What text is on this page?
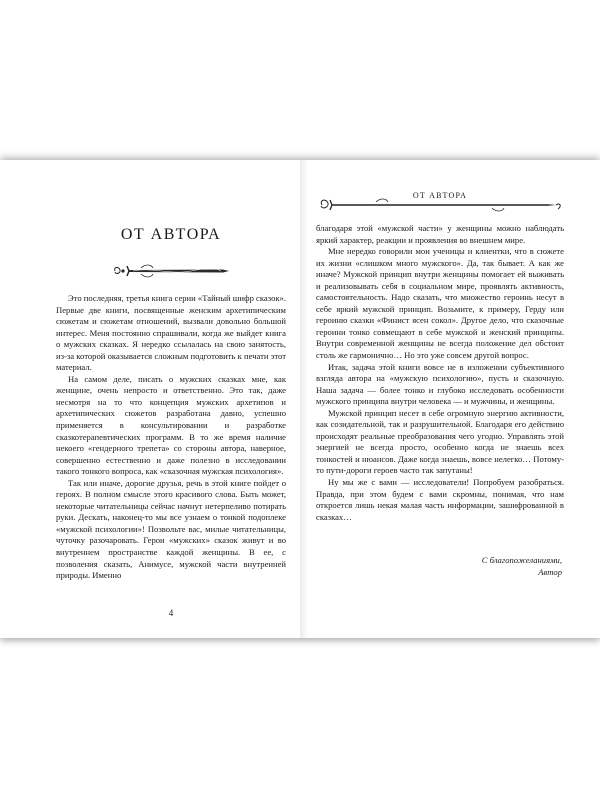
ОТ АВТОРА

Это последняя, третья книга серии «Тайный шифр сказок». Первые две книги, посвященные женским архетипическим сюжетам и сюжетам отношений, вызвали довольно большой интерес. Меня постоянно спрашивали, когда же выйдет книга о мужских сказках. Я нередко ссылалась на свою занятость, из-за которой оказывается сложным подготовить к печати этот материал.

На самом деле, писать о мужских сказках мне, как женщине, очень непросто и ответственно. Это так, даже несмотря на то что концепция мужских архетипов и архетипических сюжетов разработана давно, успешно применяется в консультировании и разработке сказкотерапевтических программ. В то же время наличие некоего «гендерного трепета» со стороны автора, наверное, совершенно естественно и даже полезно в исследовании такого тонкого вопроса, как «сказочная мужская психология».

Так или иначе, дорогие друзья, речь в этой книге пойдет о героях. В полном смысле этого красивого слова. Быть может, некоторые читательницы сейчас начнут нетерпеливо потирать руки. Дескать, наконец-то мы все узнаем о тонкой подоплеке «мужской психологии»! Позвольте вас, милые читательницы, чуточку разочаровать. Герои «мужских» сказок живут и во внутреннем пространстве каждой женщины. В ее, с позволения сказать, Анимусе, мужской части внутренней природы. Именно

4
ОТ АВТОРА

благодаря этой «мужской части» у женщины можно наблюдать яркий характер, реакции и проявления во внешнем мире.

Мне нередко говорили мои ученицы и клиентки, что в сюжете их жизни «слишком много мужского». Да, так бывает. А как же иначе? Мужской принцип внутри женщины помогает ей выживать и реализовывать себя в социальном мире, проявлять активность, самостоятельность. Надо сказать, что множество героинь несут в себе яркий мужской принцип. Возьмите, к примеру, Герду или героиню сказки «Финист ясен сокол». Другое дело, что сказочные героини тонко совмещают в себе мужской и женский принципы. Внутри современной женщины не всегда положение дел обстоит столь же гармонично… Но это уже совсем другой вопрос.

Итак, задача этой книги вовсе не в изложении субъективного взгляда автора на «мужскую психологию», пусть и сказочную. Наша задача — более тонко и глубоко исследовать особенности мужского принципа внутри человека — и мужчины, и женщины.

Мужской принцип несет в себе огромную энергию активности, как созидательной, так и разрушительной. Благодаря его действию происходят реальные преобразования чего угодно. Управлять этой энергией не всегда просто, особенно когда не знаешь всех тонкостей и нюансов. Даже когда знаешь, вовсе нелегко… Потому-то пути-дороги героев часто так запутаны!

Ну мы же с вами — исследователи! Попробуем разобраться. Правда, при этом будем с вами скромны, понимая, что нам откроется лишь некая малая часть информации, зашифрованной в сказках…

С благопожеланиями,
Автор
